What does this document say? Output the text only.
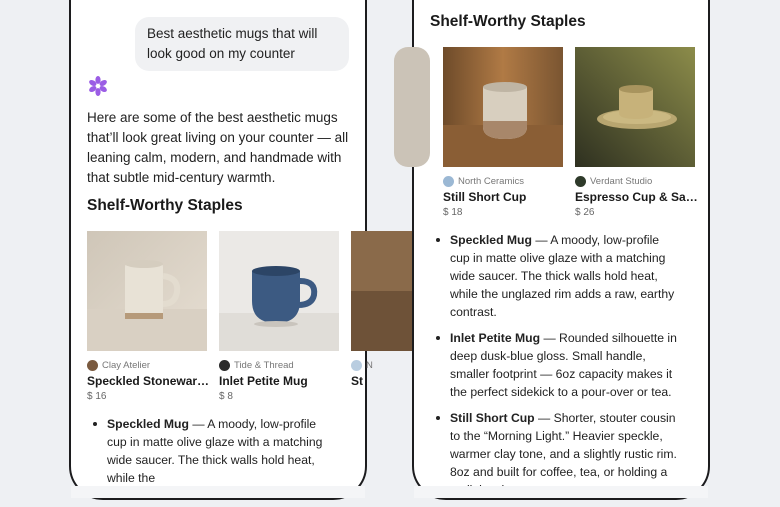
Best aesthetic mugs that will look good on my counter
Here are some of the best aesthetic mugs that’ll look great living on your counter — all leaning calm, modern, and handmade with that subtle mid-century warmth.
Shelf-Worthy Staples
Clay Atelier
Speckled Stonewar…
$ 16
Tide & Thread
Inlet Petite Mug
$ 8
N
St
Speckled Mug — A moody, low-profile cup in matte olive glaze with a matching wide saucer. The thick walls hold heat, while the
Shelf-Worthy Staples
North Ceramics
Still Short Cup
$ 18
Verdant Studio
Espresso Cup & Sa…
$ 26
Speckled Mug — A moody, low-profile cup in matte olive glaze with a matching wide saucer. The thick walls hold heat, while the unglazed rim adds a raw, earthy contrast.
Inlet Petite Mug — Rounded silhouette in deep dusk-blue gloss. Small handle, smaller footprint — 6oz capacity makes it the perfect sidekick to a pour-over or tea.
Still Short Cup — Shorter, stouter cousin to the “Morning Light.” Heavier speckle, warmer clay tone, and a slightly rustic rim. 8oz and built for coffee, tea, or holding a
